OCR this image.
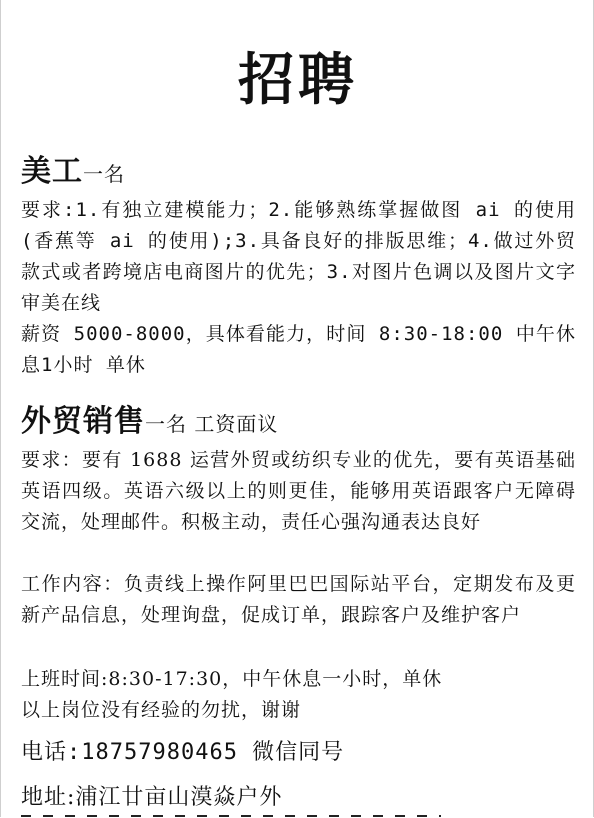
招聘
美工一名

要求:1.有独立建模能力；2.能够熟练掌握做图 ai 的使用(香蕉等 ai 的使用);3.具备良好的排版思维；4.做过外贸款式或者跨境店电商图片的优先；3.对图片色调以及图片文字审美在线

薪资 5000-8000，具体看能力，时间 8:30-18:00 中午休息1小时 单休

外贸销售一名 工资面议

要求：要有 1688 运营外贸或纺织专业的优先，要有英语基础英语四级。英语六级以上的则更佳，能够用英语跟客户无障碍交流，处理邮件。积极主动，责任心强沟通表达良好

工作内容：负责线上操作阿里巴巴国际站平台，定期发布及更新产品信息，处理询盘，促成订单，跟踪客户及维护客户

上班时间:8:30-17:30，中午休息一小时，单休
以上岗位没有经验的勿扰，谢谢
电话:18757980465 微信同号
地址:浦江廿亩山漠焱户外
